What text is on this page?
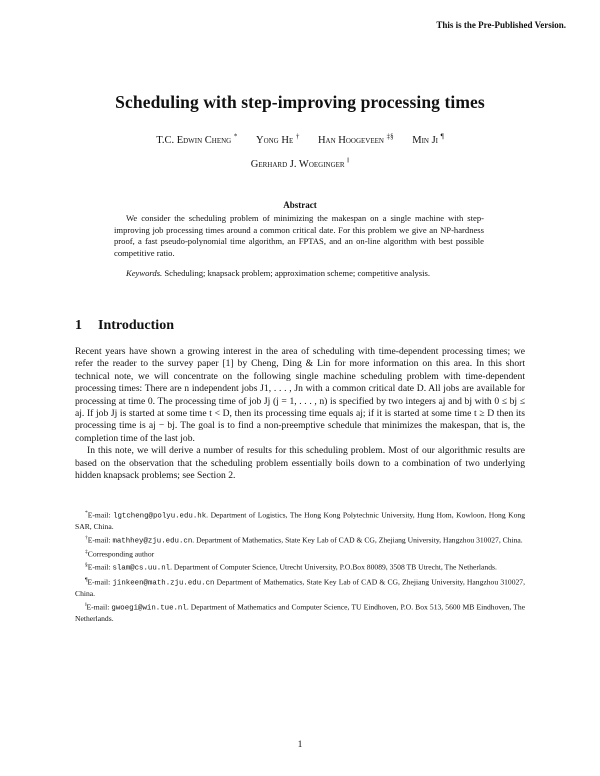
This is the Pre-Published Version.
Scheduling with step-improving processing times
T.C. Edwin Cheng * Yong He † Han Hoogeveen ‡§ Min Ji ¶
Gerhard J. Woeginger ‖
Abstract

We consider the scheduling problem of minimizing the makespan on a single machine with step-improving job processing times around a common critical date. For this problem we give an NP-hardness proof, a fast pseudo-polynomial time algorithm, an FPTAS, and an on-line algorithm with best possible competitive ratio.

Keywords. Scheduling; knapsack problem; approximation scheme; competitive analysis.
1 Introduction

Recent years have shown a growing interest in the area of scheduling with time-dependent processing times; we refer the reader to the survey paper [1] by Cheng, Ding & Lin for more information on this area. In this short technical note, we will concentrate on the following single machine scheduling problem with time-dependent processing times: There are n independent jobs J1, . . . , Jn with a common critical date D. All jobs are available for processing at time 0. The processing time of job Jj (j = 1, . . . , n) is specified by two integers aj and bj with 0 ≤ bj ≤ aj. If job Jj is started at some time t < D, then its processing time equals aj; if it is started at some time t ≥ D then its processing time is aj − bj. The goal is to find a non-preemptive schedule that minimizes the makespan, that is, the completion time of the last job.

In this note, we will derive a number of results for this scheduling problem. Most of our algorithmic results are based on the observation that the scheduling problem essentially boils down to a combination of two underlying hidden knapsack problems; see Section 2.

*E-mail: lgtcheng@polyu.edu.hk. Department of Logistics, The Hong Kong Polytechnic University, Hung Hom, Kowloon, Hong Kong SAR, China.

†E-mail: mathhey@zju.edu.cn. Department of Mathematics, State Key Lab of CAD & CG, Zhejiang University, Hangzhou 310027, China.

‡Corresponding author

§E-mail: slam@cs.uu.nl. Department of Computer Science, Utrecht University, P.O.Box 80089, 3508 TB Utrecht, The Netherlands.

¶E-mail: jinkeen@math.zju.edu.cn Department of Mathematics, State Key Lab of CAD & CG, Zhejiang University, Hangzhou 310027, China.

‖E-mail: gwoegi@win.tue.nl. Department of Mathematics and Computer Science, TU Eindhoven, P.O. Box 513, 5600 MB Eindhoven, The Netherlands.

1
